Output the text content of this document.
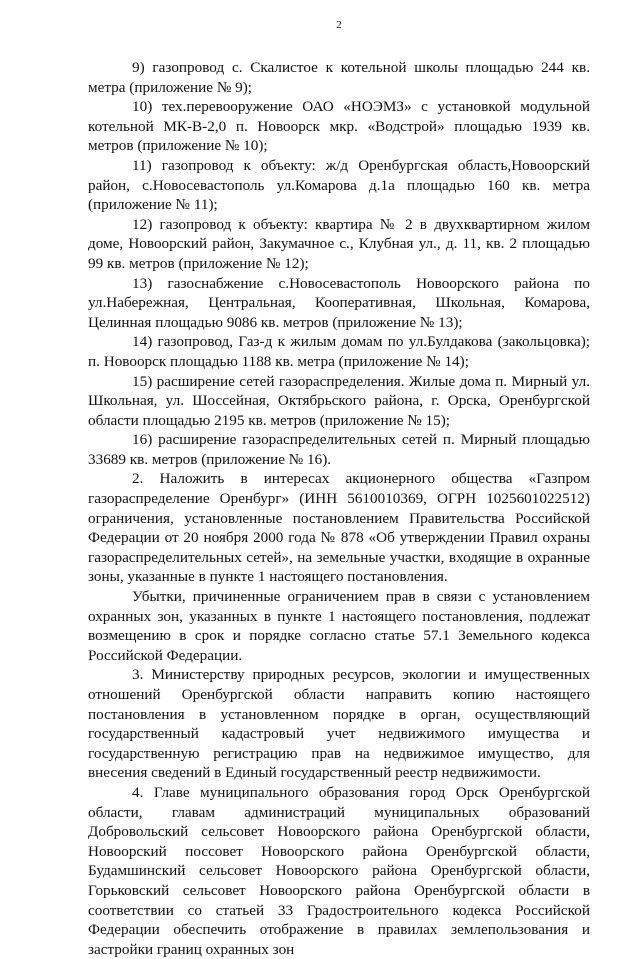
2

9) газопровод с. Скалистое к котельной школы площадью 244 кв. метра (приложение № 9);

10) тех.перевооружение ОАО «НОЭМЗ» с установкой модульной котельной МК-В-2,0 п. Новоорск мкр. «Водстрой» площадью 1939 кв. метров (приложение № 10);

11) газопровод к объекту: ж/д Оренбургская область,Новоорский район, с.Новосевастополь ул.Комарова д.1а площадью 160 кв. метра (приложение № 11);

12) газопровод к объекту: квартира № 2 в двухквартирном жилом доме, Новоорский район, Закумачное с., Клубная ул., д. 11, кв. 2 площадью 99 кв. метров (приложение № 12);

13) газоснабжение с.Новосевастополь Новоорского района по ул.Набережная, Центральная, Кооперативная, Школьная, Комарова, Целинная площадью 9086 кв. метров (приложение № 13);

14) газопровод, Газ-д к жилым домам по ул.Булдакова (закольцовка); п. Новоорск площадью 1188 кв. метра (приложение № 14);

15) расширение сетей газораспределения. Жилые дома п. Мирный ул. Школьная, ул. Шоссейная, Октябрьского района, г. Орска, Оренбургской области площадью 2195 кв. метров (приложение № 15);

16) расширение газораспределительных сетей п. Мирный площадью 33689 кв. метров (приложение № 16).

2. Наложить в интересах акционерного общества «Газпром газораспределение Оренбург» (ИНН 5610010369, ОГРН 1025601022512) ограничения, установленные постановлением Правительства Российской Федерации от 20 ноября 2000 года № 878 «Об утверждении Правил охраны газораспределительных сетей», на земельные участки, входящие в охранные зоны, указанные в пункте 1 настоящего постановления.

Убытки, причиненные ограничением прав в связи с установлением охранных зон, указанных в пункте 1 настоящего постановления, подлежат возмещению в срок и порядке согласно статье 57.1 Земельного кодекса Российской Федерации.

3. Министерству природных ресурсов, экологии и имущественных отношений Оренбургской области направить копию настоящего постановления в установленном порядке в орган, осуществляющий государственный кадастровый учет недвижимого имущества и государственную регистрацию прав на недвижимое имущество, для внесения сведений в Единый государственный реестр недвижимости.

4. Главе муниципального образования город Орск Оренбургской области, главам администраций муниципальных образований Добровольский сельсовет Новоорского района Оренбургской области, Новоорский поссовет Новоорского района Оренбургской области, Будамшинский сельсовет Новоорского района Оренбургской области, Горьковский сельсовет Новоорского района Оренбургской области в соответствии со статьей 33 Градостроительного кодекса Российской Федерации обеспечить отображение в правилах землепользования и застройки границ охранных зон
